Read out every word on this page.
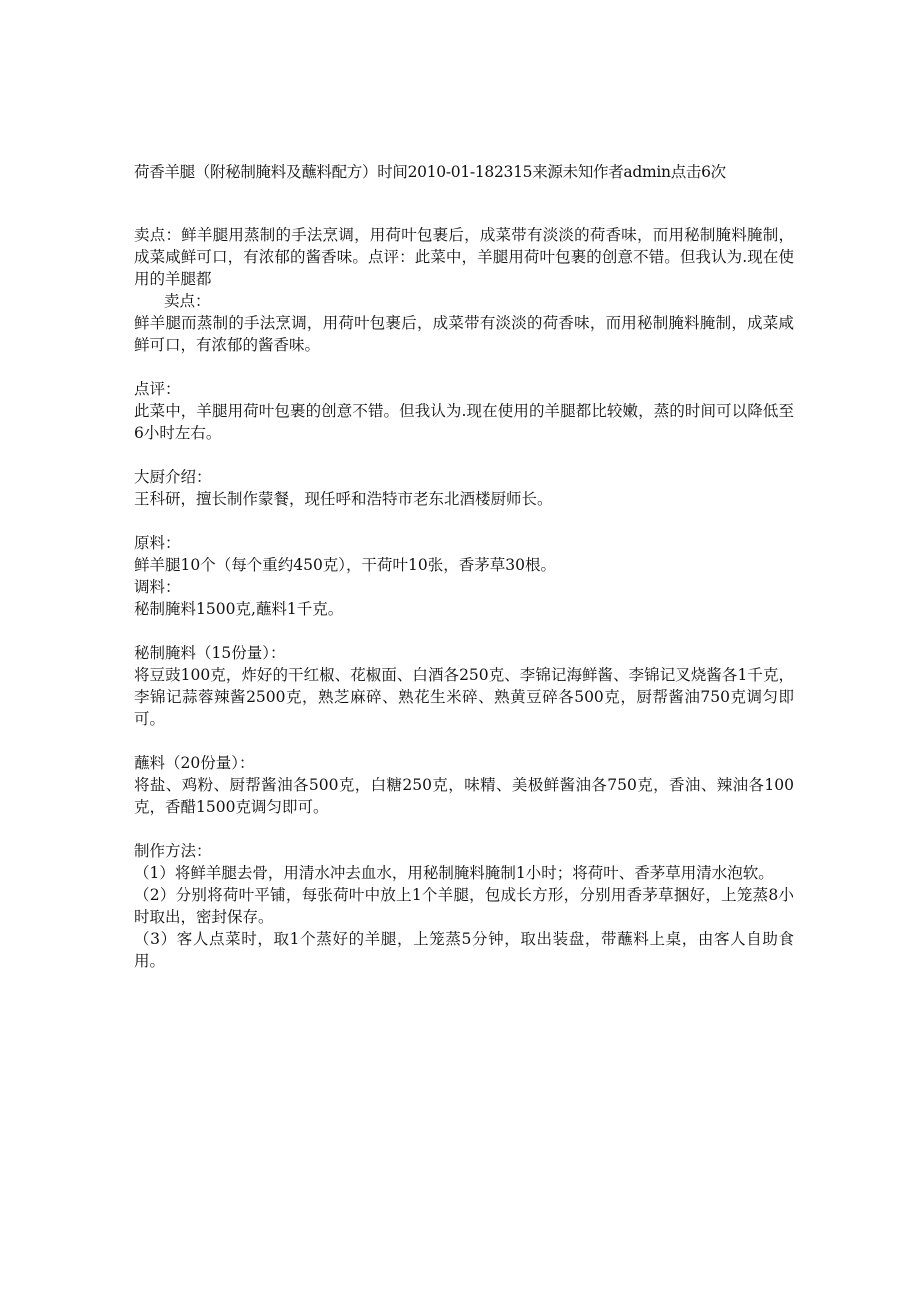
荷香羊腿（附秘制腌料及蘸料配方）时间2010-01-182315来源未知作者admin点击6次

卖点：鲜羊腿用蒸制的手法烹调，用荷叶包裹后，成菜带有淡淡的荷香味，而用秘制腌料腌制，成菜咸鲜可口，有浓郁的酱香味。点评：此菜中，羊腿用荷叶包裹的创意不错。但我认为.现在使用的羊腿都

卖点：

鲜羊腿而蒸制的手法烹调，用荷叶包裹后，成菜带有淡淡的荷香味，而用秘制腌料腌制，成菜咸鲜可口，有浓郁的酱香味。

点评：

此菜中，羊腿用荷叶包裹的创意不错。但我认为.现在使用的羊腿都比较嫩，蒸的时间可以降低至6小时左右。

大厨介绍：

王科研，擅长制作蒙餐，现任呼和浩特市老东北酒楼厨师长。

原料：

鲜羊腿10个（每个重约450克），干荷叶10张，香茅草30根。

调料：

秘制腌料1500克,蘸料1千克。

秘制腌料（15份量）：

将豆豉100克，炸好的干红椒、花椒面、白酒各250克、李锦记海鲜酱、李锦记叉烧酱各1千克，李锦记蒜蓉辣酱2500克，熟芝麻碎、熟花生米碎、熟黄豆碎各500克，厨帮酱油750克调匀即可。

蘸料（20份量）：

将盐、鸡粉、厨帮酱油各500克，白糖250克，味精、美极鲜酱油各750克，香油、辣油各100克，香醋1500克调匀即可。

制作方法：

（1）将鲜羊腿去骨，用清水冲去血水，用秘制腌料腌制1小时；将荷叶、香茅草用清水泡软。

（2）分别将荷叶平铺，每张荷叶中放上1个羊腿，包成长方形，分别用香茅草捆好，上笼蒸8小时取出，密封保存。

（3）客人点菜时，取1个蒸好的羊腿，上笼蒸5分钟，取出装盘，带蘸料上桌，由客人自助食用。
